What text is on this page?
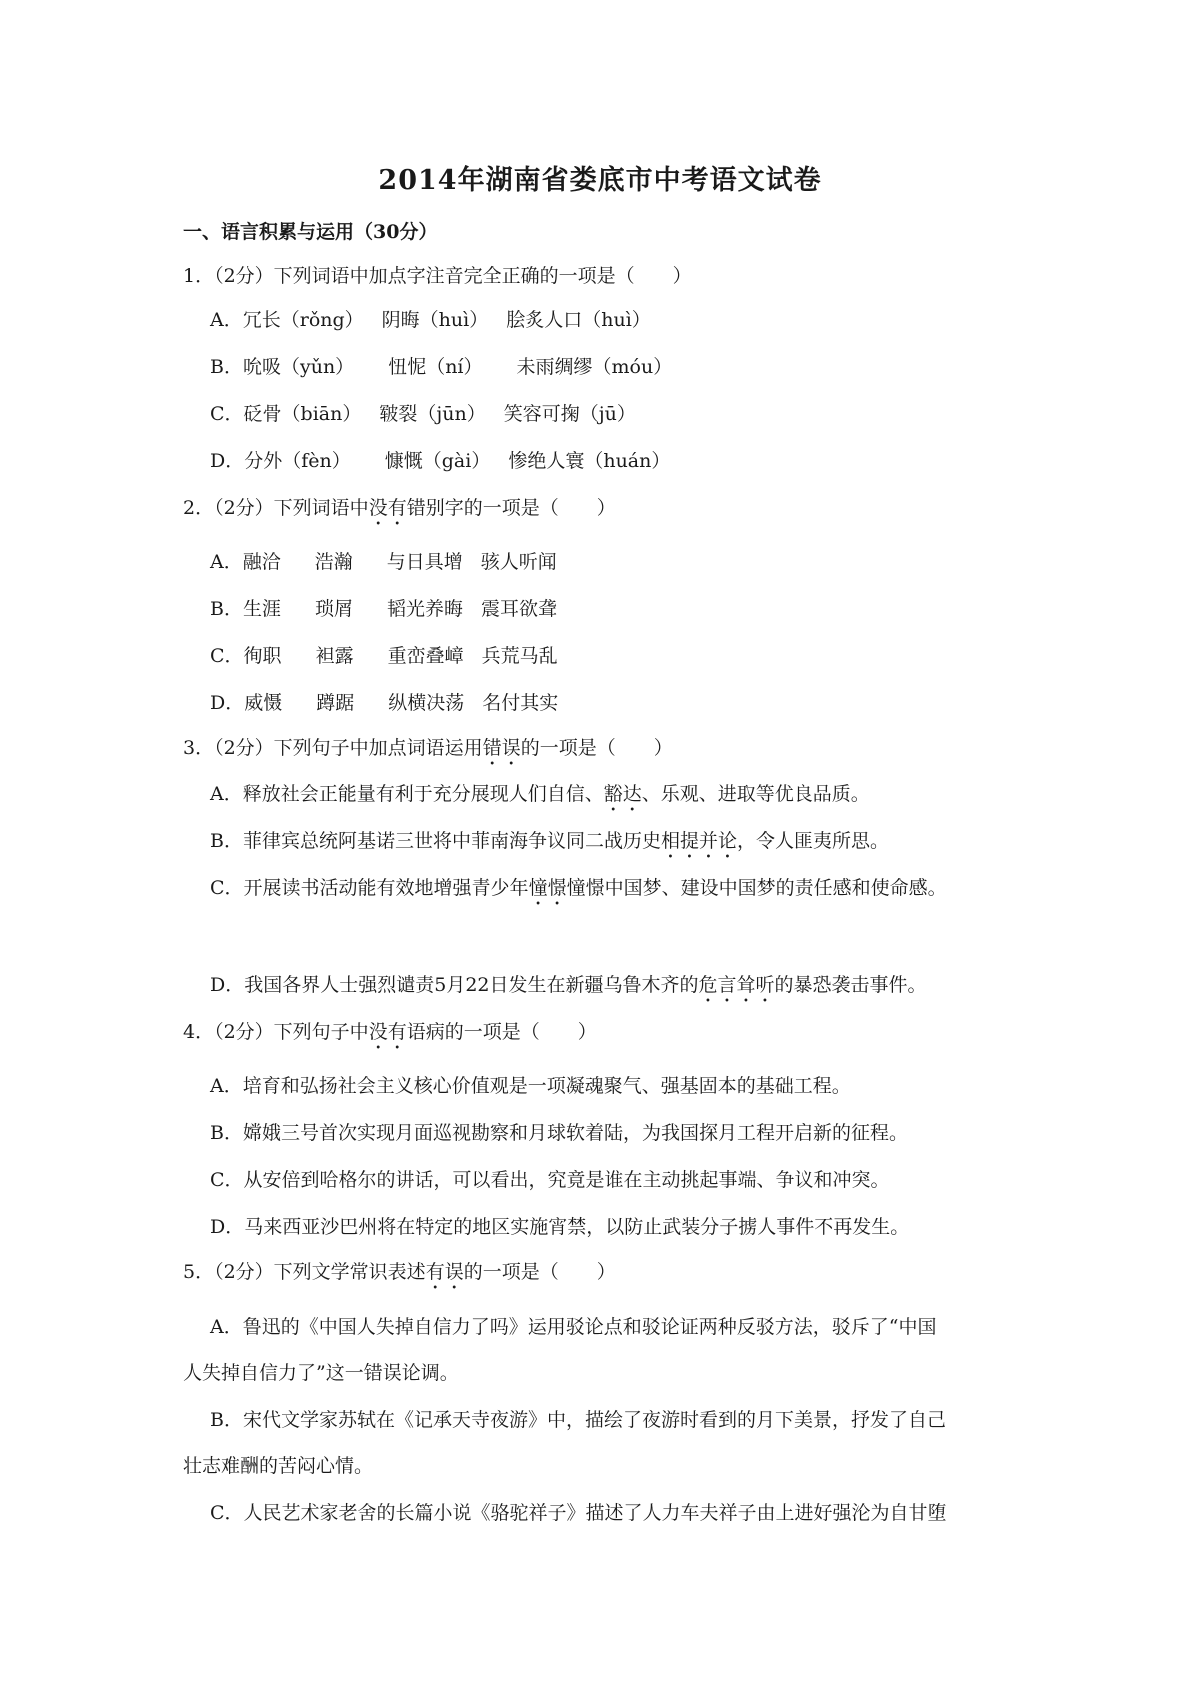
2014年湖南省娄底市中考语文试卷
一、语言积累与运用（30分）
1．（2分）下列词语中加点字注音完全正确的一项是（　　）
A．冗长（rǒng） 阴晦（huì） 脍炙人口（huì）
B．吮吸（yǔn） 忸怩（ní） 未雨绸缪（móu）
C．砭骨（biān） 皲裂（jūn） 笑容可掬（jū）
D．分外（fèn） 慷慨（gài） 惨绝人寰（huán）
2．（2分）下列词语中没有错别字的一项是（　　）
A．融洽 浩瀚 与日具增 骇人听闻
B．生涯 琐屑 韬光养晦 震耳欲聋
C．徇职 袒露 重峦叠嶂 兵荒马乱
D．威慑 蹲踞 纵横决荡 名付其实
3．（2分）下列句子中加点词语运用错误的一项是（　　）
A．释放社会正能量有利于充分展现人们自信、豁达、乐观、进取等优良品质。
B．菲律宾总统阿基诺三世将中菲南海争议同二战历史相提并论，令人匪夷所思。
C．开展读书活动能有效地增强青少年憧憬憧憬中国梦、建设中国梦的责任感和使命感。
D．我国各界人士强烈谴责5月22日发生在新疆乌鲁木齐的危言耸听的暴恐袭击事件。
4．（2分）下列句子中没有语病的一项是（　　）
A．培育和弘扬社会主义核心价值观是一项凝魂聚气、强基固本的基础工程。
B．嫦娥三号首次实现月面巡视勘察和月球软着陆，为我国探月工程开启新的征程。
C．从安倍到哈格尔的讲话，可以看出，究竟是谁在主动挑起事端、争议和冲突。
D．马来西亚沙巴州将在特定的地区实施宵禁，以防止武装分子掳人事件不再发生。
5．（2分）下列文学常识表述有误的一项是（　　）
A．鲁迅的《中国人失掉自信力了吗》运用驳论点和驳论证两种反驳方法，驳斥了“中国
人失掉自信力了”这一错误论调。
B．宋代文学家苏轼在《记承天寺夜游》中，描绘了夜游时看到的月下美景，抒发了自己
壮志难酬的苦闷心情。
C．人民艺术家老舍的长篇小说《骆驼祥子》描述了人力车夫祥子由上进好强沦为自甘堕
